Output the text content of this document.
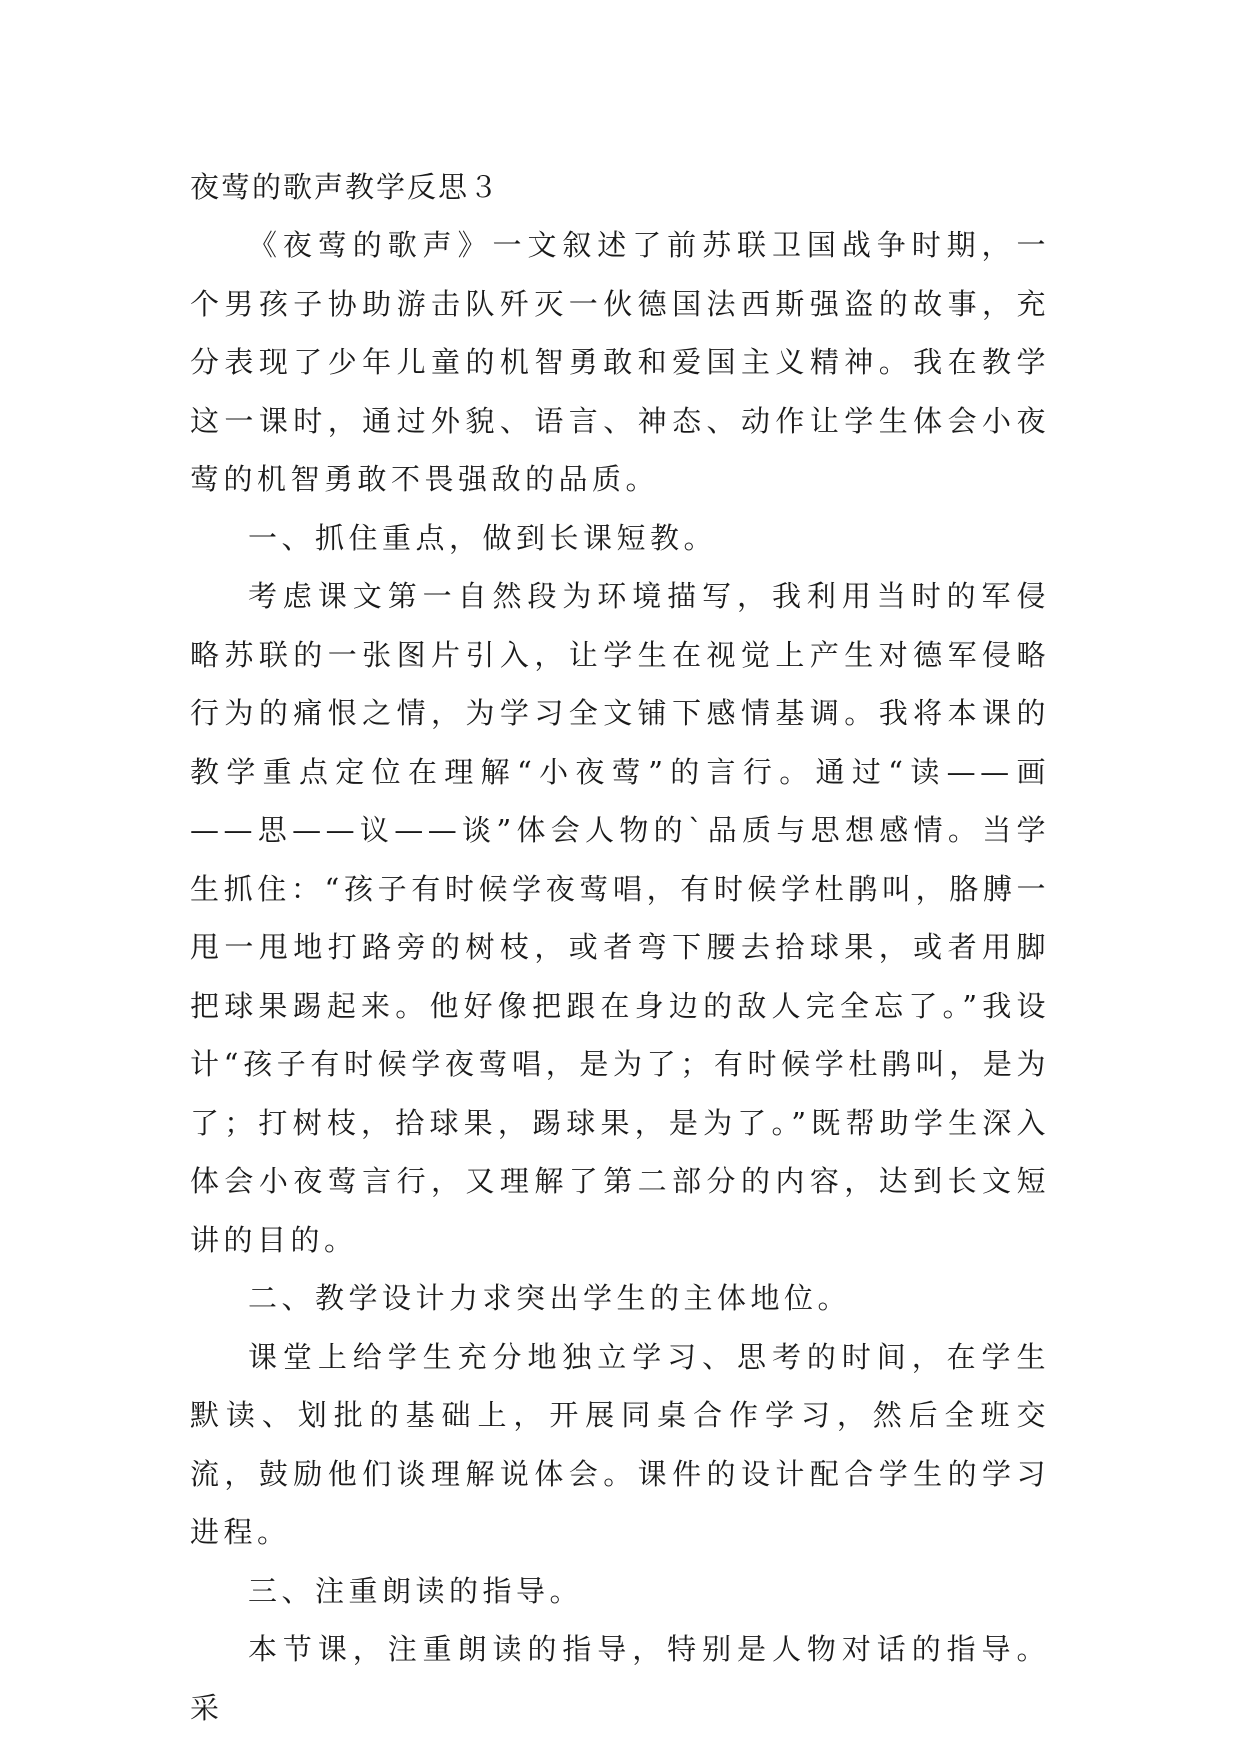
夜莺的歌声教学反思３

《夜莺的歌声》一文叙述了前苏联卫国战争时期，一个男孩子协助游击队歼灭一伙德国法西斯强盗的故事，充分表现了少年儿童的机智勇敢和爱国主义精神。我在教学这一课时，通过外貌、语言、神态、动作让学生体会小夜莺的机智勇敢不畏强敌的品质。

一、抓住重点，做到长课短教。

考虑课文第一自然段为环境描写，我利用当时的军侵略苏联的一张图片引入，让学生在视觉上产生对德军侵略行为的痛恨之情，为学习全文铺下感情基调。我将本课的教学重点定位在理解“小夜莺”的言行。通过“读——画——思——议——谈”体会人物的`品质与思想感情。当学生抓住：“孩子有时候学夜莺唱，有时候学杜鹃叫，胳膊一甩一甩地打路旁的树枝，或者弯下腰去拾球果，或者用脚把球果踢起来。他好像把跟在身边的敌人完全忘了。”我设计“孩子有时候学夜莺唱，是为了；有时候学杜鹃叫，是为了；打树枝，拾球果，踢球果，是为了。”既帮助学生深入体会小夜莺言行，又理解了第二部分的内容，达到长文短讲的目的。

二、教学设计力求突出学生的主体地位。

课堂上给学生充分地独立学习、思考的时间，在学生默读、划批的基础上，开展同桌合作学习，然后全班交流，鼓励他们谈理解说体会。课件的设计配合学生的学习进程。

三、注重朗读的指导。

本节课，注重朗读的指导，特别是人物对话的指导。采
